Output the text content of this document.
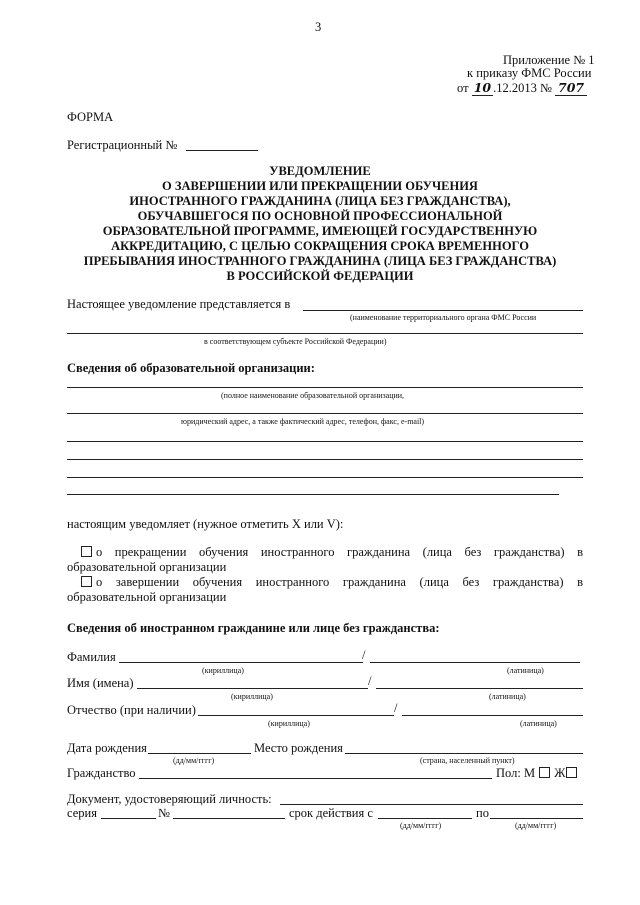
3
Приложение № 1
к приказу ФМС России
от 10 .12.2013 № 707
ФОРМА
Регистрационный №
УВЕДОМЛЕНИЕ
О ЗАВЕРШЕНИИ ИЛИ ПРЕКРАЩЕНИИ ОБУЧЕНИЯ
ИНОСТРАННОГО ГРАЖДАНИНА (ЛИЦА БЕЗ ГРАЖДАНСТВА),
ОБУЧАВШЕГОСЯ ПО ОСНОВНОЙ ПРОФЕССИОНАЛЬНОЙ
ОБРАЗОВАТЕЛЬНОЙ ПРОГРАММЕ, ИМЕЮЩЕЙ ГОСУДАРСТВЕННУЮ
АККРЕДИТАЦИЮ, С ЦЕЛЬЮ СОКРАЩЕНИЯ СРОКА ВРЕМЕННОГО
ПРЕБЫВАНИЯ ИНОСТРАННОГО ГРАЖДАНИНА (ЛИЦА БЕЗ ГРАЖДАНСТВА)
В РОССИЙСКОЙ ФЕДЕРАЦИИ
Настоящее уведомление представляется в
(наименование территориального органа ФМС России
в соответствующем субъекте Российской Федерации)
Сведения об образовательной организации:
(полное наименование образовательной организации,
юридический адрес, а также фактический адрес, телефон, факс, e-mail)
настоящим уведомляет (нужное отметить X или V):
о прекращении обучения иностранного гражданина (лица без гражданства) в
образовательной организации
о завершении обучения иностранного гражданина (лица без гражданства) в
образовательной организации
Сведения об иностранном гражданине или лице без гражданства:
Фамилия	/
(кириллица)	(латиница)
Имя (имена)	/
(кириллица)	(латиница)
Отчество (при наличии)	/
(кириллица)	(латиница)
Дата рождения	Место рождения
(дд/мм/гггг)	(страна, населенный пункт)
Гражданство	Пол: М Ж
Документ, удостоверяющий личность:
серия	№	срок действия с	по
(дд/мм/гггг)	(дд/мм/гггг)
